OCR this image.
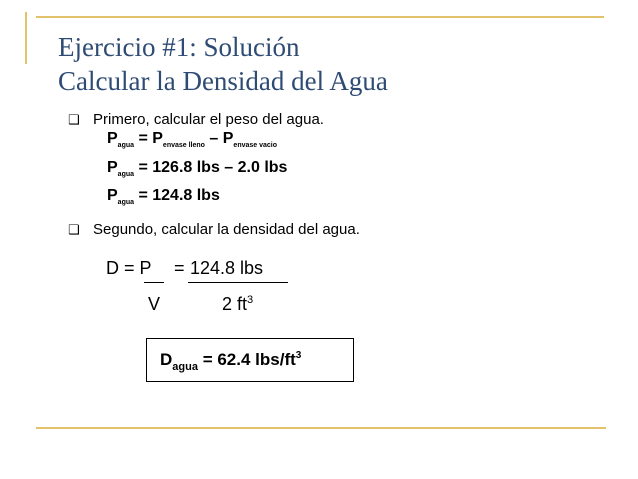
Ejercicio #1: Solución
Calcular la Densidad del Agua
❑ Primero, calcular el peso del agua.
$P_{agua} = P_{envase lleno} - P_{envase vacio}$
$P_{agua} = 126.8$ lbs – 2.0 lbs
$P_{agua} = 124.8$ lbs
❑ Segundo, calcular la densidad del agua.
D = P = 124.8 lbs
V	2 $ft^3$
$D_{agua} = 62.4$ lbs/$ft^3$
